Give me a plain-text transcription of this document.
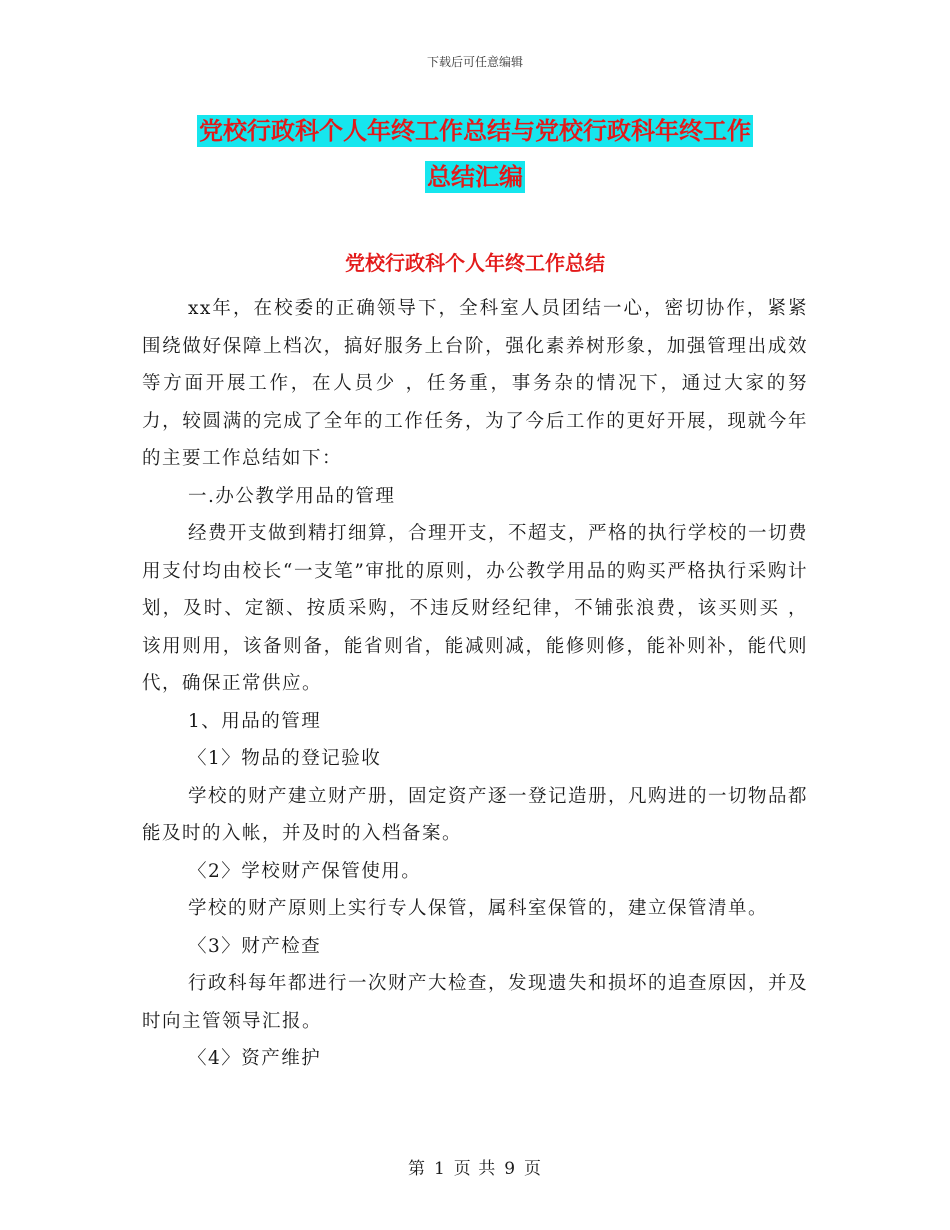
下载后可任意编辑
党校行政科个人年终工作总结与党校行政科年终工作
总结汇编
党校行政科个人年终工作总结

xx年，在校委的正确领导下，全科室人员团结一心，密切协作，紧紧围绕做好保障上档次，搞好服务上台阶，强化素养树形象，加强管理出成效等方面开展工作，在人员少 ，任务重，事务杂的情况下，通过大家的努力，较圆满的完成了全年的工作任务，为了今后工作的更好开展，现就今年的主要工作总结如下：

一.办公教学用品的管理

经费开支做到精打细算，合理开支，不超支，严格的执行学校的一切费用支付均由校长“一支笔”审批的原则，办公教学用品的购买严格执行采购计划，及时、定额、按质采购，不违反财经纪律，不铺张浪费，该买则买 ，该用则用，该备则备，能省则省，能减则减，能修则修，能补则补，能代则代，确保正常供应。

1、用品的管理

〈1〉物品的登记验收

学校的财产建立财产册，固定资产逐一登记造册，凡购进的一切物品都能及时的入帐，并及时的入档备案。

〈2〉学校财产保管使用。

学校的财产原则上实行专人保管，属科室保管的，建立保管清单。

〈3〉财产检查

行政科每年都进行一次财产大检查，发现遗失和损坏的追查原因，并及时向主管领导汇报。

〈4〉资产维护

第 1 页 共 9 页
